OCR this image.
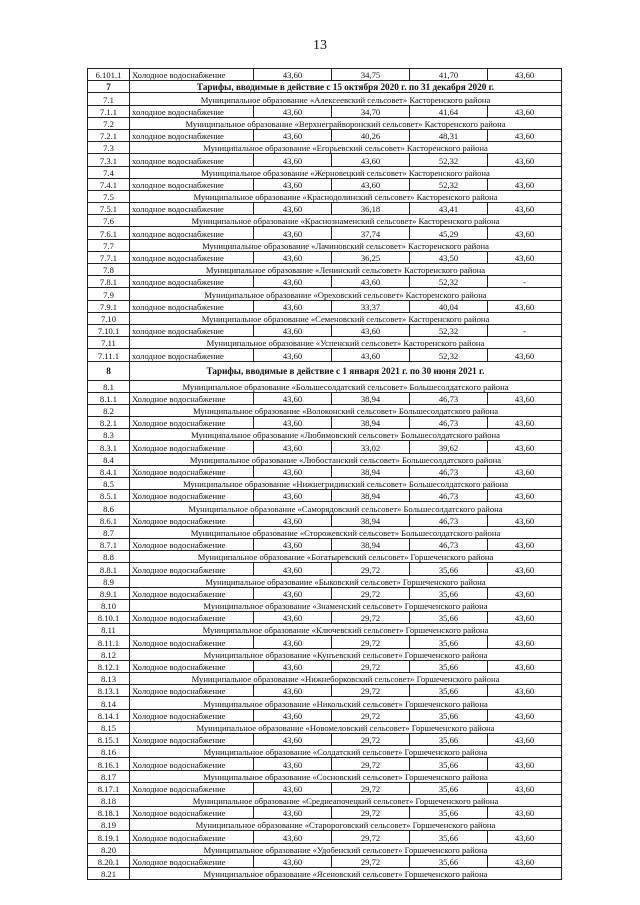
13
6.101.1	Холодное водоснабжение	43,60	34,75	41,70	43,60
7	Тарифы, вводимые в действие с 15 октября 2020 г. по 31 декабря 2020 г.				
7.1	Муниципальное образование «Алексеевский сельсовет» Касторенского района				
7.1.1	холодное водоснабжение	43,60	34,70	41,64	43,60
7.2	Муниципальное образование «Верхнеграйворонский сельсовет» Касторенского района				
7.2.1	холодное водоснабжение	43,60	40,26	48,31	43,60
7.3	Муниципальное образование «Егорьевский сельсовет» Касторенского района				
7.3.1	холодное водоснабжение	43,60	43,60	52,32	43,60
7.4	Муниципальное образование «Жерновецкий сельсовет» Касторенского района				
7.4.1	холодное водоснабжение	43,60	43,60	52,32	43,60
7.5	Муниципальное образование «Краснодолинский сельсовет» Касторенского района				
7.5.1	холодное водоснабжение	43,60	36,18	43,41	43,60
7.6	Муниципальное образование «Краснознаменский сельсовет» Касторенского района				
7.6.1	холодное водоснабжение	43,60	37,74	45,29	43,60
7.7	Муниципальное образование «Лачиновский сельсовет» Касторенского района				
7.7.1	холодное водоснабжение	43,60	36,25	43,50	43,60
7.8	Муниципальное образование «Ленинский сельсовет» Касторенского района				
7.8.1	холодное водоснабжение	43,60	43,60	52,32	-
7.9	Муниципальное образование «Ореховский сельсовет» Касторенского района				
7.9.1	холодное водоснабжение	43,60	33,37	40,04	43,60
7.10	Муниципальное образование «Семеновский сельсовет» Касторенского района				
7.10.1	холодное водоснабжение	43,60	43,60	52,32	-
7.11	Муниципальное образование «Успенский сельсовет» Касторенского района				
7.11.1	холодное водоснабжение	43,60	43,60	52,32	43,60
8	Тарифы, вводимые в действие с 1 января 2021 г. по 30 июня 2021 г.				
8.1	Муниципальное образование «Большесолдатский сельсовет» Большесолдатского района				
8.1.1	Холодное водоснабжение	43,60	38,94	46,73	43,60
8.2	Муниципальное образование «Волоконский сельсовет» Большесолдатского района				
8.2.1	Холодное водоснабжение	43,60	38,94	46,73	43,60
8.3	Муниципальное образование «Любимовский сельсовет» Большесолдатского района				
8.3.1	Холодное водоснабжение	43,60	33,02	39,62	43,60
8.4	Муниципальное образование «Любостанский сельсовет» Большесолдатского района				
8.4.1	Холодное водоснабжение	43,60	38,94	46,73	43,60
8.5	Муниципальное образование «Нижнегридинский сельсовет» Большесолдатского района				
8.5.1	Холодное водоснабжение	43,60	38,94	46,73	43,60
8.6	Муниципальное образование «Саморядовский сельсовет» Большесолдатского района				
8.6.1	Холодное водоснабжение	43,60	38,94	46,73	43,60
8.7	Муниципальное образование «Сторожевский сельсовет» Большесолдатского района				
8.7.1	Холодное водоснабжение	43,60	38,94	46,73	43,60
8.8	Муниципальное образование «Богатыревский сельсовет» Горшеченского района				
8.8.1	Холодное водоснабжение	43,60	29,72	35,66	43,60
8.9	Муниципальное образование «Быковский сельсовет» Горшеченского района				
8.9.1	Холодное водоснабжение	43,60	29,72	35,66	43,60
8.10	Муниципальное образование «Знаменский сельсовет» Горшеченского района				
8.10.1	Холодное водоснабжение	43,60	29,72	35,66	43,60
8.11	Муниципальное образование «Ключевский сельсовет» Горшеченского района				
8.11.1	Холодное водоснабжение	43,60	29,72	35,66	43,60
8.12	Муниципальное образование «Кунъевский сельсовет» Горшеченского района				
8.12.1	Холодное водоснабжение	43,60	29,72	35,66	43,60
8.13	Муниципальное образование «Нижнеборковский сельсовет» Горшеченского района				
8.13.1	Холодное водоснабжение	43,60	29,72	35,66	43,60
8.14	Муниципальное образование «Никольский сельсовет» Горшеченского района				
8.14.1	Холодное водоснабжение	43,60	29,72	35,66	43,60
8.15	Муниципальное образование «Новомеловский сельсовет» Горшеченского района				
8.15.1	Холодное водоснабжение	43,60	29,72	35,66	43,60
8.16	Муниципальное образование «Солдатский сельсовет» Горшеченского района				
8.16.1	Холодное водоснабжение	43,60	29,72	35,66	43,60
8.17	Муниципальное образование «Сосновский сельсовет» Горшеченского района				
8.17.1	Холодное водоснабжение	43,60	29,72	35,66	43,60
8.18	Муниципальное образование «Среднеапочецкий сельсовет» Горшеченского района				
8.18.1	Холодное водоснабжение	43,60	29,72	35,66	43,60
8.19	Муниципальное образование «Старороговский сельсовет» Горшеченского района				
8.19.1	Холодное водоснабжение	43,60	29,72	35,66	43,60
8.20	Муниципальное образование «Удобенский сельсовет» Горшеченского района				
8.20.1	Холодное водоснабжение	43,60	29,72	35,66	43,60
8.21	Муниципальное образование «Ясеновский сельсовет» Горшеченского района				
